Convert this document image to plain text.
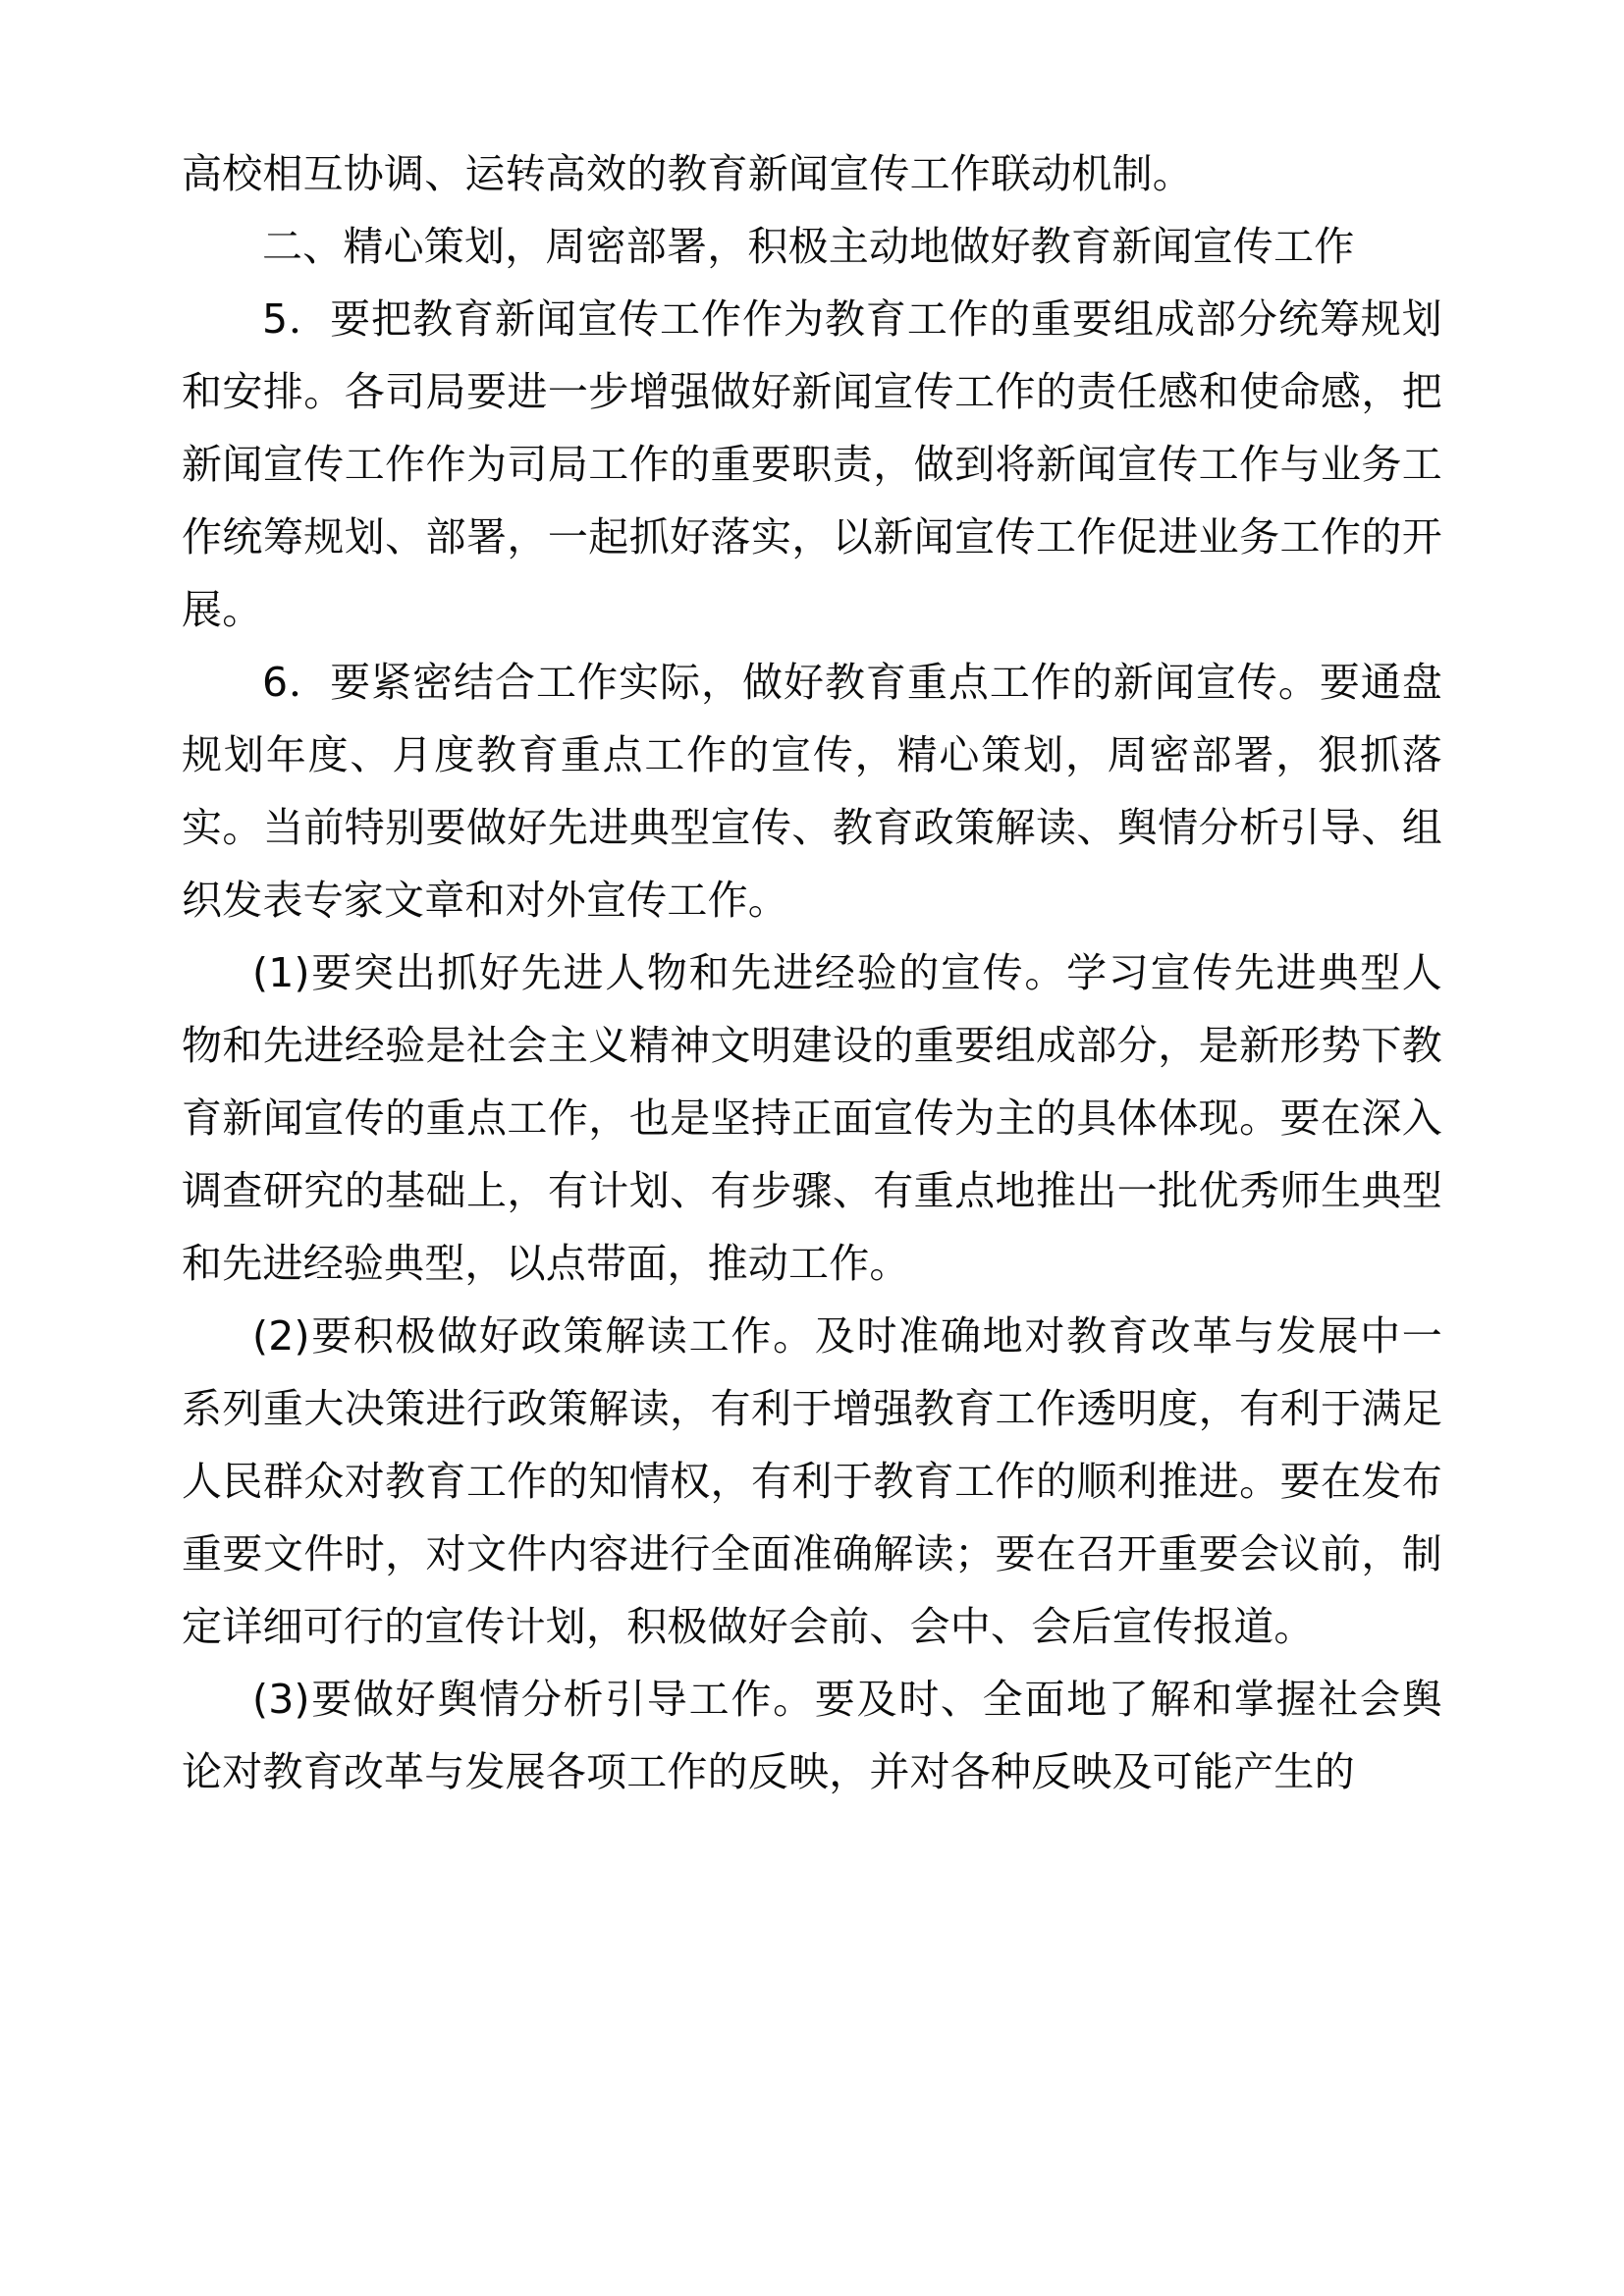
高校相互协调、运转高效的教育新闻宣传工作联动机制。

二、精心策划，周密部署，积极主动地做好教育新闻宣传工作

5．要把教育新闻宣传工作作为教育工作的重要组成部分统筹规划和安排。各司局要进一步增强做好新闻宣传工作的责任感和使命感，把新闻宣传工作作为司局工作的重要职责，做到将新闻宣传工作与业务工作统筹规划、部署，一起抓好落实，以新闻宣传工作促进业务工作的开展。

6．要紧密结合工作实际，做好教育重点工作的新闻宣传。要通盘规划年度、月度教育重点工作的宣传，精心策划，周密部署，狠抓落实。当前特别要做好先进典型宣传、教育政策解读、舆情分析引导、组织发表专家文章和对外宣传工作。

(1)要突出抓好先进人物和先进经验的宣传。学习宣传先进典型人物和先进经验是社会主义精神文明建设的重要组成部分，是新形势下教育新闻宣传的重点工作，也是坚持正面宣传为主的具体体现。要在深入调查研究的基础上，有计划、有步骤、有重点地推出一批优秀师生典型和先进经验典型，以点带面，推动工作。

(2)要积极做好政策解读工作。及时准确地对教育改革与发展中一系列重大决策进行政策解读，有利于增强教育工作透明度，有利于满足人民群众对教育工作的知情权，有利于教育工作的顺利推进。要在发布重要文件时，对文件内容进行全面准确解读；要在召开重要会议前，制定详细可行的宣传计划，积极做好会前、会中、会后宣传报道。

(3)要做好舆情分析引导工作。要及时、全面地了解和掌握社会舆论对教育改革与发展各项工作的反映，并对各种反映及可能产生的
